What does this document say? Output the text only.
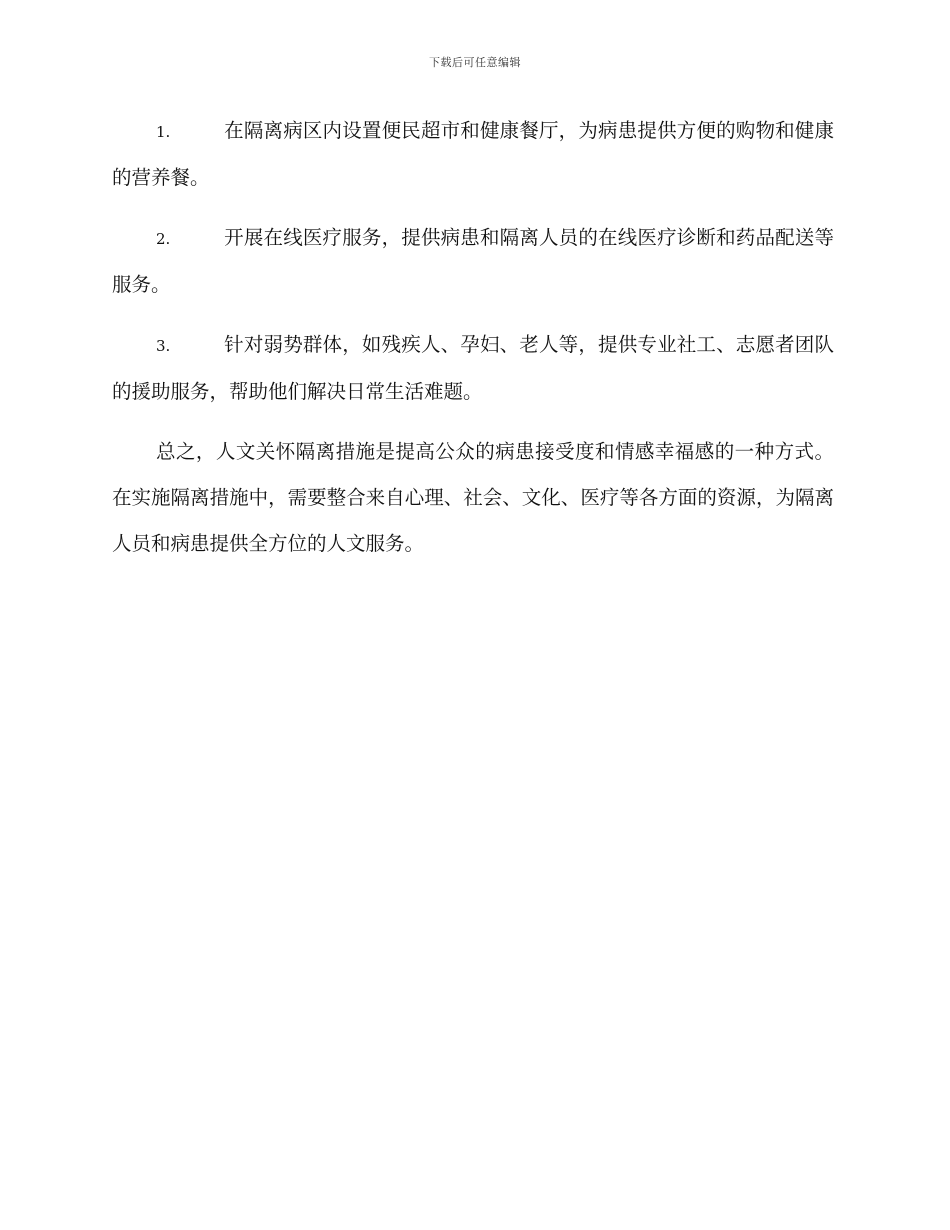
下载后可任意编辑

1.	在隔离病区内设置便民超市和健康餐厅，为病患提供方便的购物和健康的营养餐。

2.	开展在线医疗服务，提供病患和隔离人员的在线医疗诊断和药品配送等服务。

3.	针对弱势群体，如残疾人、孕妇、老人等，提供专业社工、志愿者团队的援助服务，帮助他们解决日常生活难题。

总之，人文关怀隔离措施是提高公众的病患接受度和情感幸福感的一种方式。在实施隔离措施中，需要整合来自心理、社会、文化、医疗等各方面的资源，为隔离人员和病患提供全方位的人文服务。
